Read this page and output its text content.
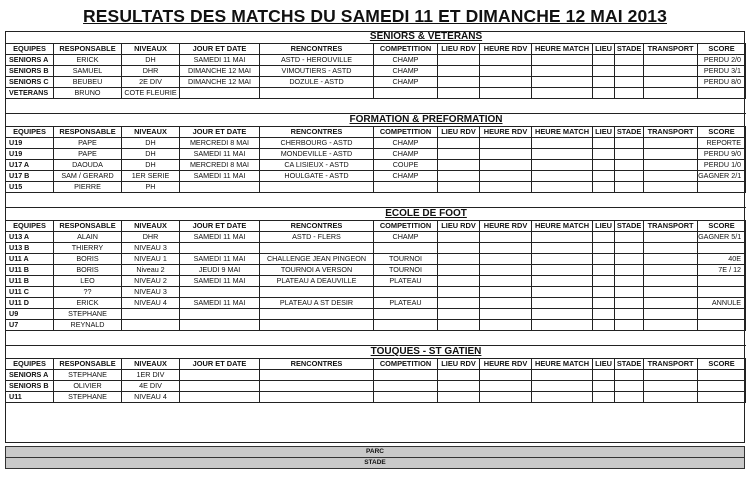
RESULTATS DES MATCHS DU SAMEDI 11 ET DIMANCHE 12 MAI 2013
				SENIORS & VETERANS								
EQUIPES	RESPONSABLE	NIVEAUX	JOUR ET DATE	RENCONTRES	COMPETITION	LIEU RDV	HEURE RDV	HEURE MATCH	LIEU	STADE	TRANSPORT	SCORE
SENIORS A	ERICK	DH	SAMEDI 11 MAI	ASTD - HEROUVILLE	CHAMP							PERDU 2/0
SENIORS B	SAMUEL	DHR	DIMANCHE 12 MAI	VIMOUTIERS - ASTD	CHAMP							PERDU 3/1
SENIORS C	BEUBEU	2E DIV	DIMANCHE 12 MAI	DOZULE - ASTD	CHAMP							PERDU 8/0
VETERANS	BRUNO	COTE FLEURIE										

				FORMATION & PREFORMATION								
EQUIPES	RESPONSABLE	NIVEAUX	JOUR ET DATE	RENCONTRES	COMPETITION	LIEU RDV	HEURE RDV	HEURE MATCH	LIEU	STADE	TRANSPORT	SCORE
U19	PAPE	DH	MERCREDI 8 MAI	CHERBOURG - ASTD	CHAMP							REPORTE
U19	PAPE	DH	SAMEDI 11 MAI	MONDEVILLE - ASTD	CHAMP							PERDU 9/0
U17 A	DAOUDA	DH	MERCREDI 8 MAI	CA LISIEUX - ASTD	COUPE							PERDU 1/0
U17 B	SAM / GERARD	1ER SERIE	SAMEDI 11 MAI	HOULGATE - ASTD	CHAMP							GAGNER 2/1
U15	PIERRE	PH										

				ECOLE DE FOOT								
EQUIPES	RESPONSABLE	NIVEAUX	JOUR ET DATE	RENCONTRES	COMPETITION	LIEU RDV	HEURE RDV	HEURE MATCH	LIEU	STADE	TRANSPORT	SCORE
U13 A	ALAIN	DHR	SAMEDI 11 MAI	ASTD - FLERS	CHAMP							GAGNER 5/1
U13 B	THIERRY	NIVEAU 3										
U11 A	BORIS	NIVEAU 1	SAMEDI 11 MAI	CHALLENGE JEAN PINGEON	TOURNOI							40E
U11 B	BORIS	Niveau 2	JEUDI 9 MAI	TOURNOI A VERSON	TOURNOI							7E / 12
U11 B	LEO	NIVEAU 2	SAMEDI 11 MAI	PLATEAU A DEAUVILLE	PLATEAU							
U11 C	??	NIVEAU 3										
U11 D	ERICK	NIVEAU 4	SAMEDI 11 MAI	PLATEAU A ST DESIR	PLATEAU							ANNULE
U9	STEPHANE											
U7	REYNALD											

				TOUQUES - ST GATIEN								
EQUIPES	RESPONSABLE	NIVEAUX	JOUR ET DATE	RENCONTRES	COMPETITION	LIEU RDV	HEURE RDV	HEURE MATCH	LIEU	STADE	TRANSPORT	SCORE
SENIORS A	STEPHANE	1ER DIV										
SENIORS B	OLIVIER	4E DIV										
U11	STEPHANE	NIVEAU 4										
PARC
STADE
